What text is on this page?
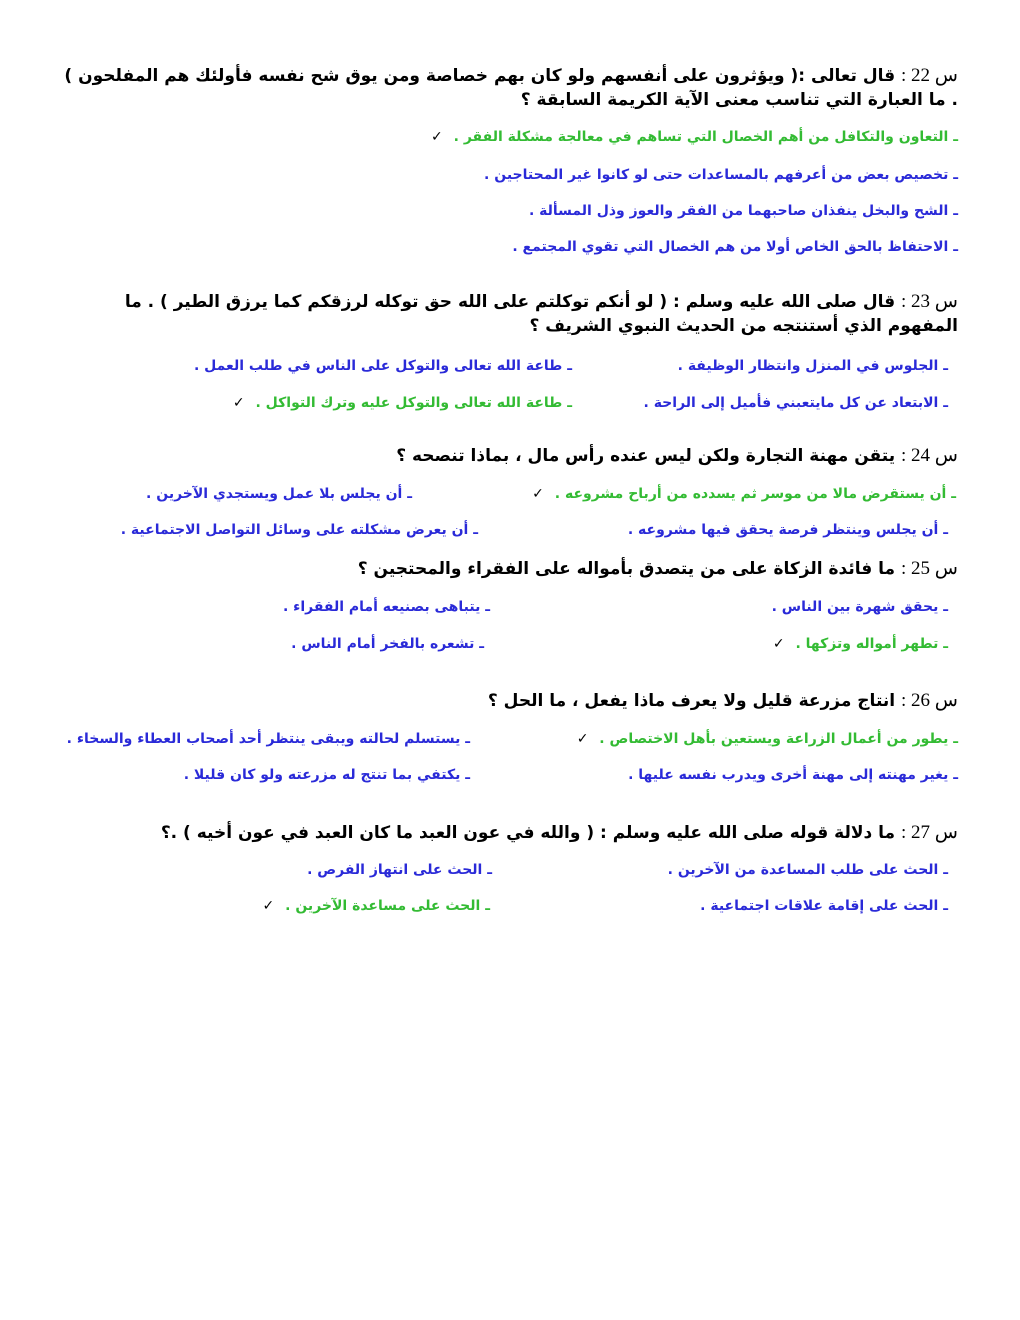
س 22 : قال تعالى :( ويؤثرون على أنفسهم ولو كان بهم خصاصة ومن يوق شح نفسه فأولئك هم المفلحون ) . ما العبارة التي تناسب معنى الآية الكريمة السابقة ؟
ـ التعاون والتكافل من أهم الخصال التي تساهم في معالجة مشكلة الفقر . ✓
ـ تخصيص بعض من أعرفهم بالمساعدات حتى لو كانوا غير المحتاجين .
ـ الشح والبخل ينفذان صاحبهما من الفقر والعوز وذل المسألة .
ـ الاحتفاظ بالحق الخاص أولا من هم الخصال التي تقوي المجتمع .
س 23 : قال صلى الله عليه وسلم : ( لو أنكم توكلتم على الله حق توكله لرزقكم كما يرزق الطير ) . ما المفهوم الذي أستنتجه من الحديث النبوي الشريف ؟
ـ الجلوس في المنزل وانتظار الوظيفة .
ـ طاعة الله تعالى والتوكل على الناس في طلب العمل .
ـ الابتعاد عن كل مايتعبني فأميل إلى الراحة .
ـ طاعة الله تعالى والتوكل عليه وترك التواكل . ✓
س 24 : يتقن مهنة التجارة ولكن ليس عنده رأس مال ، بماذا تنصحه ؟
ـ أن يستقرض مالا من موسر ثم يسدده من أرباح مشروعه . ✓
ـ أن يجلس بلا عمل ويستجدي الآخرين .
ـ أن يجلس وينتظر فرصة يحقق فيها مشروعه .
ـ أن يعرض مشكلته على وسائل التواصل الاجتماعية .
س 25 : ما فائدة الزكاة على من يتصدق بأمواله على الفقراء والمحتجين ؟
ـ يحقق شهرة بين الناس .
ـ يتباهى بصنيعه أمام الفقراء .
ـ تطهر أمواله وتزكها . ✓
ـ تشعره بالفخر أمام الناس .
س 26 : انتاج مزرعة قليل ولا يعرف ماذا يفعل ، ما الحل ؟
ـ يطور من أعمال الزراعة ويستعين بأهل الاختصاص . ✓
ـ يستسلم لحالته ويبقى ينتظر أحد أصحاب العطاء والسخاء .
ـ يغير مهنته إلى مهنة أخرى ويدرب نفسه عليها .
ـ يكتفي بما تنتج له مزرعته ولو كان قليلا .
س 27 : ما دلالة قوله صلى الله عليه وسلم : ( والله في عون العبد ما كان العبد في عون أخيه ) .؟
ـ الحث على طلب المساعدة من الآخرين .
ـ الحث على انتهاز الفرص .
ـ الحث على إقامة علاقات اجتماعية .
ـ الحث على مساعدة الآخرين . ✓
